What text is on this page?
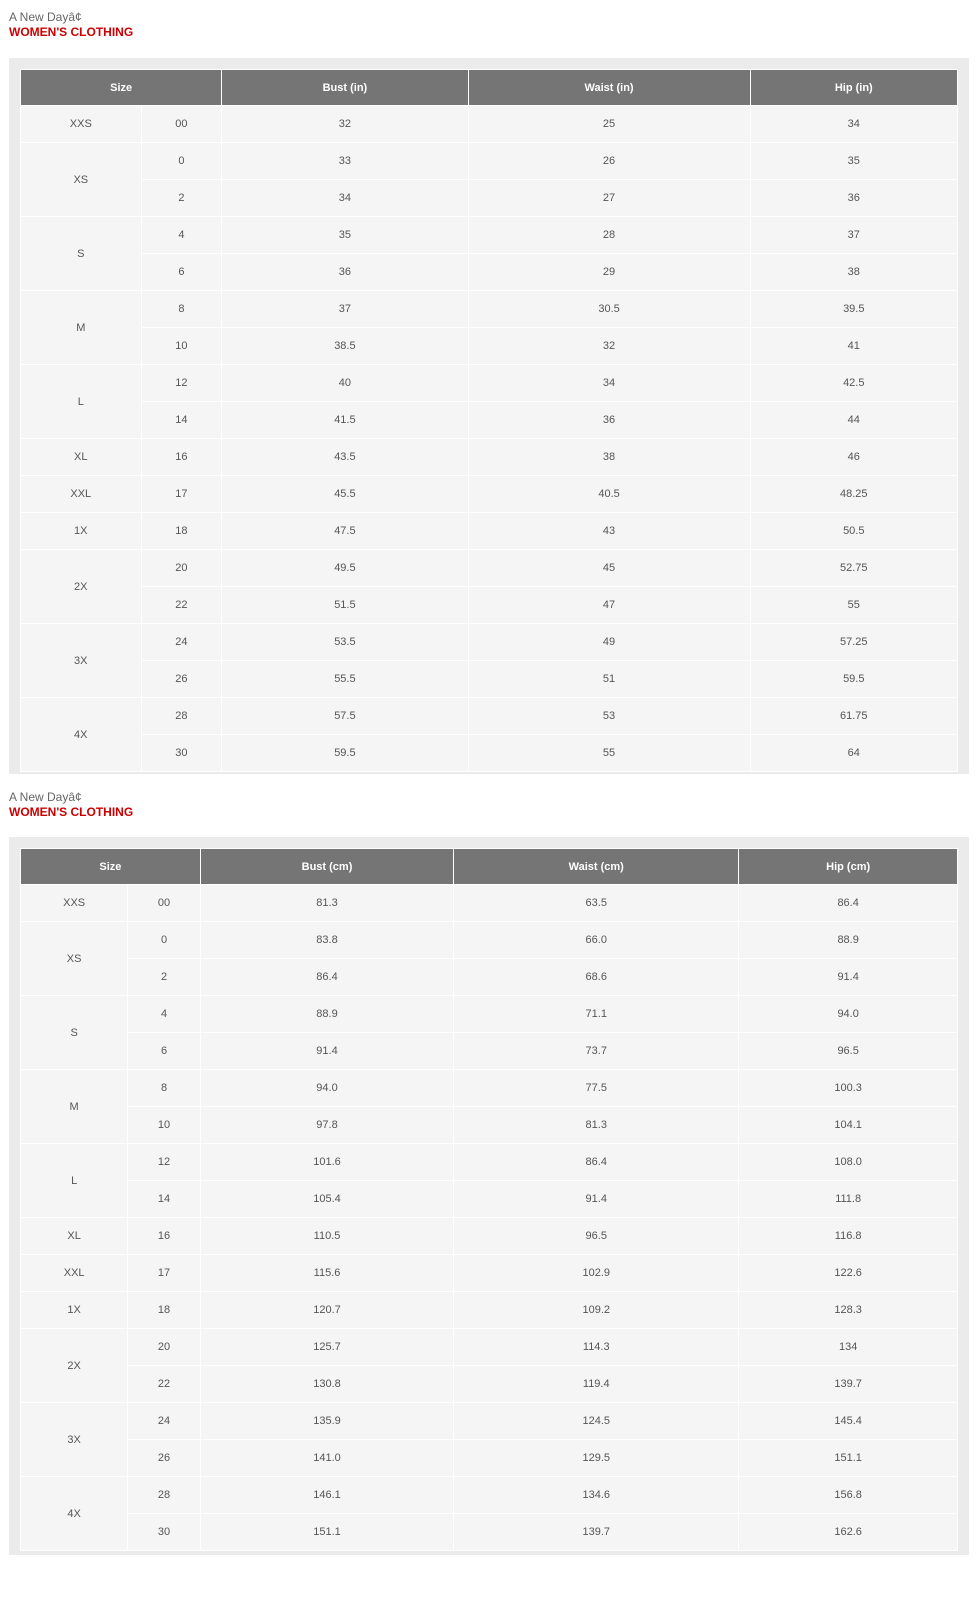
A New Dayâ¢
WOMEN'S CLOTHING
Size		Bust (in)	Waist (in)	Hip (in)
XXS	00	32	25	34
XS	0	33	26	35
	2	34	27	36
S	4	35	28	37
	6	36	29	38
M	8	37	30.5	39.5
	10	38.5	32	41
L	12	40	34	42.5
	14	41.5	36	44
XL	16	43.5	38	46
XXL	17	45.5	40.5	48.25
1X	18	47.5	43	50.5
2X	20	49.5	45	52.75
	22	51.5	47	55
3X	24	53.5	49	57.25
	26	55.5	51	59.5
4X	28	57.5	53	61.75
	30	59.5	55	64
A New Dayâ¢
WOMEN'S CLOTHING
Size		Bust (cm)	Waist (cm)	Hip (cm)
XXS	00	81.3	63.5	86.4
XS	0	83.8	66.0	88.9
	2	86.4	68.6	91.4
S	4	88.9	71.1	94.0
	6	91.4	73.7	96.5
M	8	94.0	77.5	100.3
	10	97.8	81.3	104.1
L	12	101.6	86.4	108.0
	14	105.4	91.4	111.8
XL	16	110.5	96.5	116.8
XXL	17	115.6	102.9	122.6
1X	18	120.7	109.2	128.3
2X	20	125.7	114.3	134
	22	130.8	119.4	139.7
3X	24	135.9	124.5	145.4
	26	141.0	129.5	151.1
4X	28	146.1	134.6	156.8
	30	151.1	139.7	162.6
